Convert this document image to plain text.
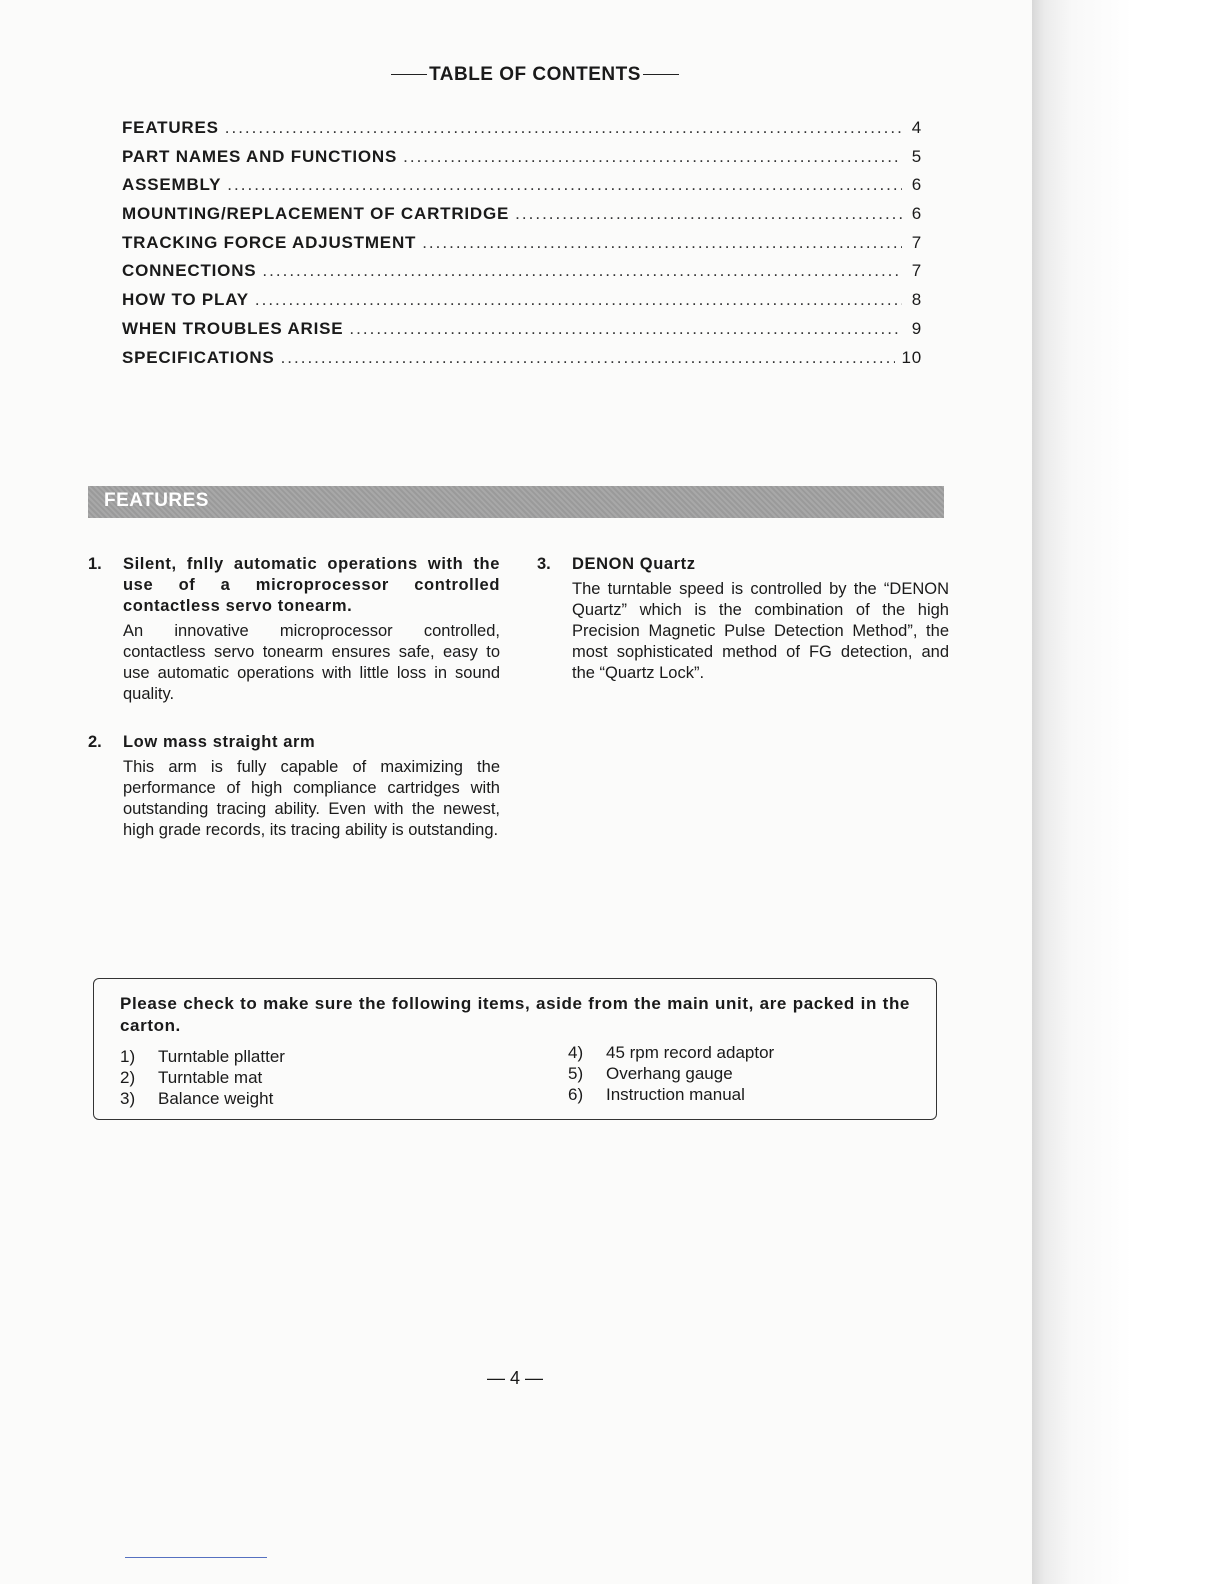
TABLE OF CONTENTS
FEATURES .....	4
PART NAMES AND FUNCTIONS .....	5
ASSEMBLY .....	6
MOUNTING/REPLACEMENT OF CARTRIDGE .....	6
TRACKING FORCE ADJUSTMENT .....	7
CONNECTIONS .....	7
HOW TO PLAY .....	8
WHEN TROUBLES ARISE .....	9
SPECIFICATIONS .....	10
FEATURES
1. Silent, fnlly automatic operations with the use of a microprocessor controlled contactless servo tonearm.
An innovative microprocessor controlled, contactless servo tonearm ensures safe, easy to use automatic operations with little loss in sound quality.
2. Low mass straight arm
This arm is fully capable of maximizing the performance of high compliance cartridges with outstanding tracing ability. Even with the newest, high grade records, its tracing ability is outstanding.
3. DENON Quartz
The turntable speed is controlled by the “DENON Quartz” which is the combination of the high Precision Magnetic Pulse Detection Method”, the most sophisticated method of FG detection, and the “Quartz Lock”.
Please check to make sure the following items, aside from the main unit, are packed in the carton.
1)	Turntable pllatter
2)	Turntable mat
3)	Balance weight
4)	45 rpm record adaptor
5)	Overhang gauge
6)	Instruction manual
— 4 —
